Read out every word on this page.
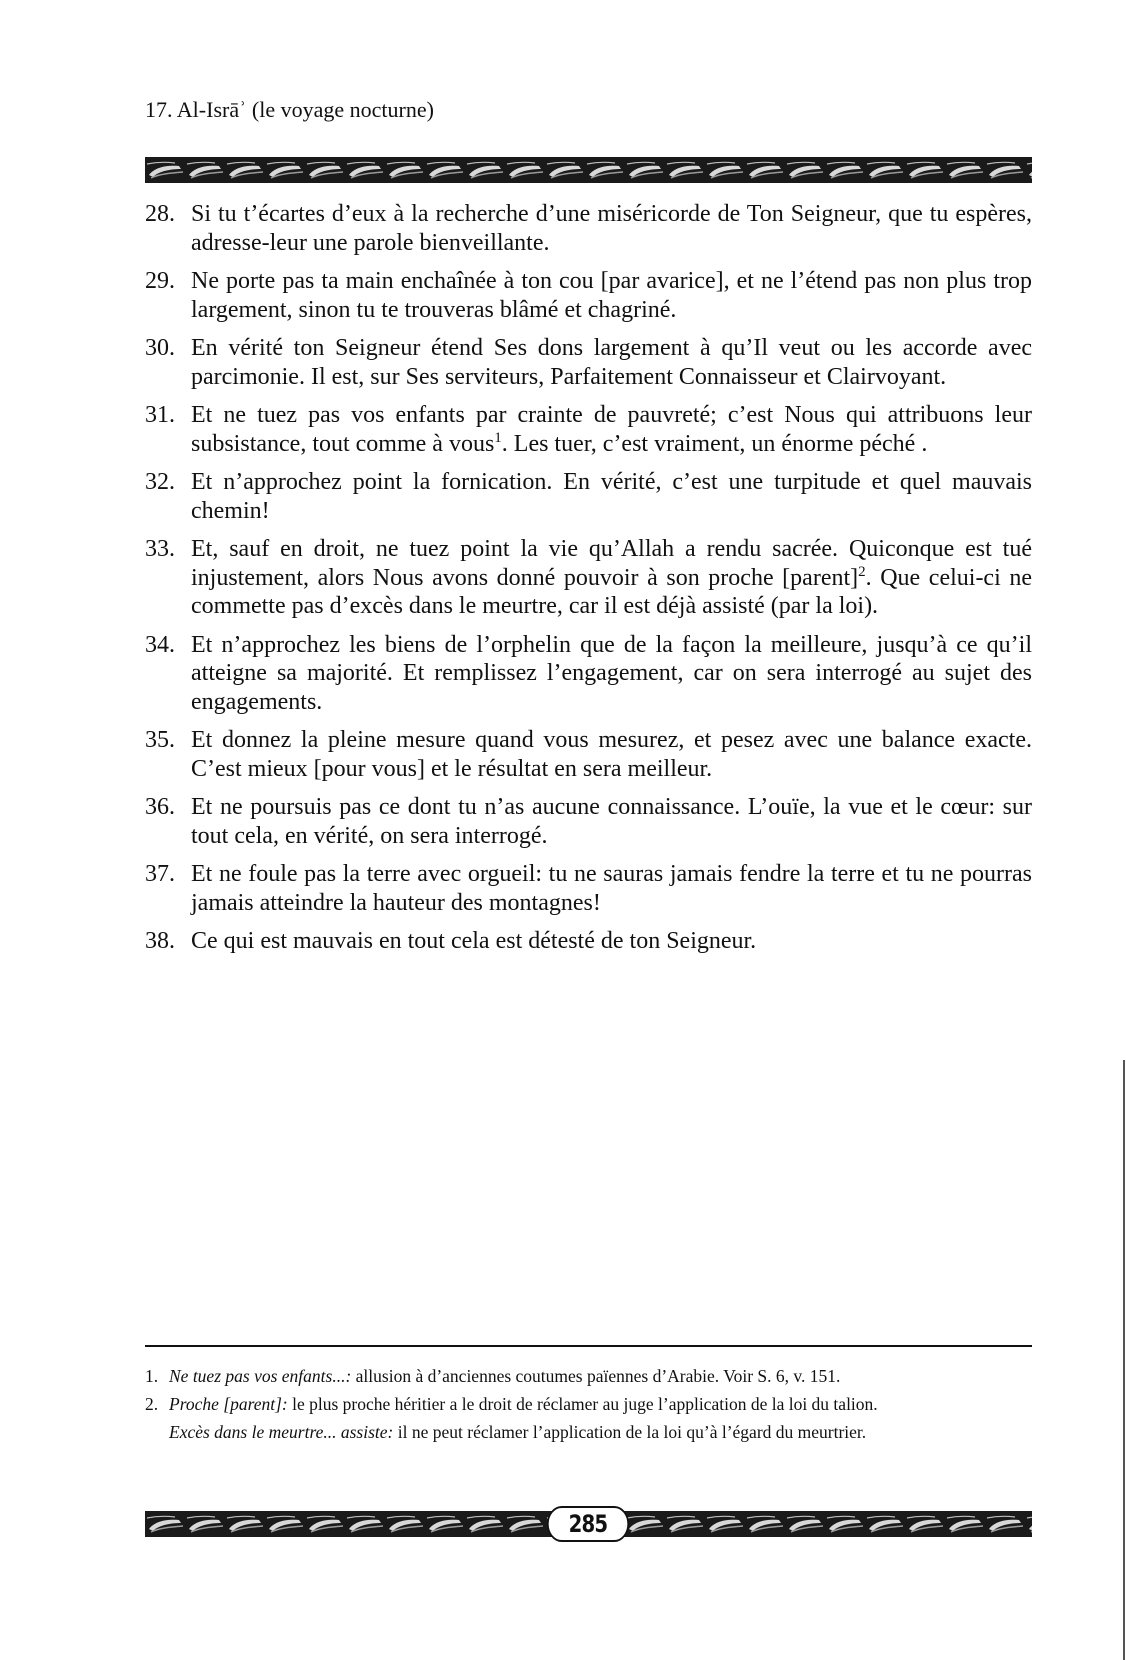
17. Al-Isrāʾ (le voyage nocturne)
28. Si tu t’écartes d’eux à la recherche d’une miséricorde de Ton Seigneur, que tu espères, adresse-leur une parole bienveillante.
29. Ne porte pas ta main enchaînée à ton cou [par avarice], et ne l’étend pas non plus trop largement, sinon tu te trouveras blâmé et chagriné.
30. En vérité ton Seigneur étend Ses dons largement à qu’Il veut ou les accorde avec parcimonie. Il est, sur Ses serviteurs, Parfaitement Connaisseur et Clairvoyant.
31. Et ne tuez pas vos enfants par crainte de pauvreté; c’est Nous qui attribuons leur subsistance, tout comme à vous$^1$. Les tuer, c’est vraiment, un énorme péché .
32. Et n’approchez point la fornication. En vérité, c’est une turpitude et quel mauvais chemin!
33. Et, sauf en droit, ne tuez point la vie qu’Allah a rendu sacrée. Quiconque est tué injustement, alors Nous avons donné pouvoir à son proche [parent]$^2$. Que celui-ci ne commette pas d’excès dans le meurtre, car il est déjà assisté (par la loi).
34. Et n’approchez les biens de l’orphelin que de la façon la meilleure, jusqu’à ce qu’il atteigne sa majorité. Et remplissez l’engagement, car on sera interrogé au sujet des engagements.
35. Et donnez la pleine mesure quand vous mesurez, et pesez avec une balance exacte. C’est mieux [pour vous] et le résultat en sera meilleur.
36. Et ne poursuis pas ce dont tu n’as aucune connaissance. L’ouïe, la vue et le cœur: sur tout cela, en vérité, on sera interrogé.
37. Et ne foule pas la terre avec orgueil: tu ne sauras jamais fendre la terre et tu ne pourras jamais atteindre la hauteur des montagnes!
38. Ce qui est mauvais en tout cela est détesté de ton Seigneur.
1. Ne tuez pas vos enfants...: allusion à d’anciennes coutumes païennes d’Arabie. Voir S. 6, v. 151.
2. Proche [parent]: le plus proche héritier a le droit de réclamer au juge l’application de la loi du talion.
Excès dans le meurtre... assiste: il ne peut réclamer l’application de la loi qu’à l’égard du meurtrier.
285
